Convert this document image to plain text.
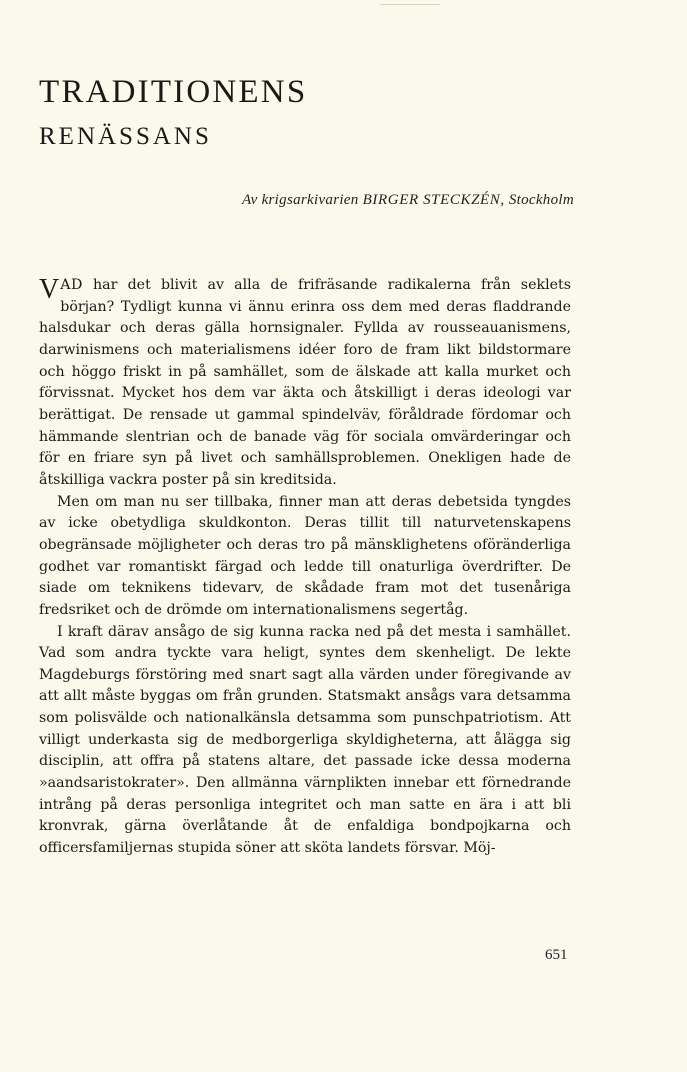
TRADITIONENS
RENÄSSANS
Av krigsarkivarien BIRGER STECKZÉN, Stockholm

VAD har det blivit av alla de frifräsande radikalerna från seklets början? Tydligt kunna vi ännu erinra oss dem med deras fladdrande halsdukar och deras gälla hornsignaler. Fyllda av rousseauanismens, darwinismens och materialismens idéer foro de fram likt bildstormare och höggo friskt in på samhället, som de älskade att kalla murket och förvissnat. Mycket hos dem var äkta och åtskilligt i deras ideologi var berättigat. De rensade ut gammal spindelväv, föråldrade fördomar och hämmande slentrian och de banade väg för sociala omvärderingar och för en friare syn på livet och samhällsproblemen. Onekligen hade de åtskilliga vackra poster på sin kreditsida.

Men om man nu ser tillbaka, finner man att deras debetsida tyngdes av icke obetydliga skuldkonton. Deras tillit till naturvetenskapens obegränsade möjligheter och deras tro på mänsklighetens oföränderliga godhet var romantiskt färgad och ledde till onaturliga överdrifter. De siade om teknikens tidevarv, de skådade fram mot det tusenåriga fredsriket och de drömde om internationalismens segertåg.

I kraft därav ansågo de sig kunna racka ned på det mesta i samhället. Vad som andra tyckte vara heligt, syntes dem skenheligt. De lekte Magdeburgs förstöring med snart sagt alla värden under föregivande av att allt måste byggas om från grunden. Statsmakt ansågs vara detsamma som polisvälde och nationalkänsla detsamma som punschpatriotism. Att villigt underkasta sig de medborgerliga skyldigheterna, att ålägga sig disciplin, att offra på statens altare, det passade icke dessa moderna »aandsaristokrater». Den allmänna värnplikten innebar ett förnedrande intrång på deras personliga integritet och man satte en ära i att bli kronvrak, gärna överlåtande åt de enfaldiga bondpojkarna och officersfamiljernas stupida söner att sköta landets försvar. Möj-

651
